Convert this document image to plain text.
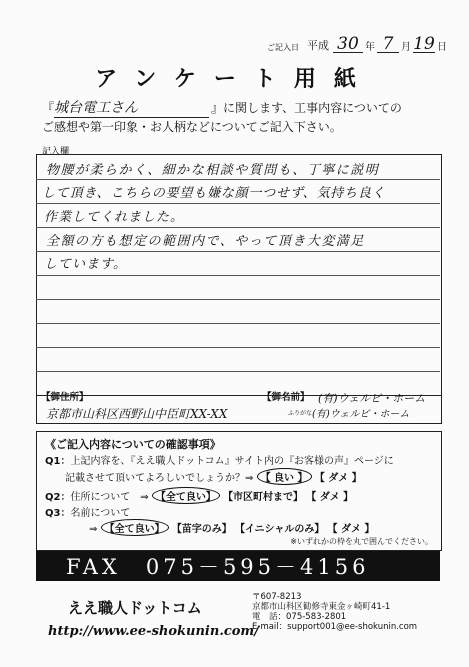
ご記入日 平成 30 年 7 月 19 日
アンケート用紙
『城台電工さん	』に関します、工事内容についての
ご感想や第一印象・お人柄などについてご記入下さい。
記入欄
物腰が柔らかく、細かな相談や質問も、丁寧に説明
して頂き、こちらの要望も嫌な顔一つせず、気持ち良く
作業してくれました。
全額の方も想定の範囲内で、やって頂き大変満足
しています。
【御住所】
京都市山科区西野山中臣町XX-XX
【御名前】 (有)ウェルビ・ホーム
ふりがな (有)ウェルビ・ホーム
《ご記入内容についての確認事項》
Q1：上記内容を、『ええ職人ドットコム』サイト内の『お客様の声』ページに
記載させて頂いてよろしいでしょうか？⇒ 【 良い 】 【 ダメ 】
Q2：住所について　⇒ 【全て良い】 【市区町村まで】 【 ダメ 】
Q3：名前について
⇒ 【全て良い】 【苗字のみ】 【イニシャルのみ】 【 ダメ 】
※いずれかの枠を丸で囲んでください。
FAX　075－595－4156
ええ職人ドットコム
http://www.ee-shokunin.com/
〒607-8213
京都市山科区勧修寺東金ヶ崎町41-1
電　話：075-583-2801
E-mail：support001@ee-shokunin.com
